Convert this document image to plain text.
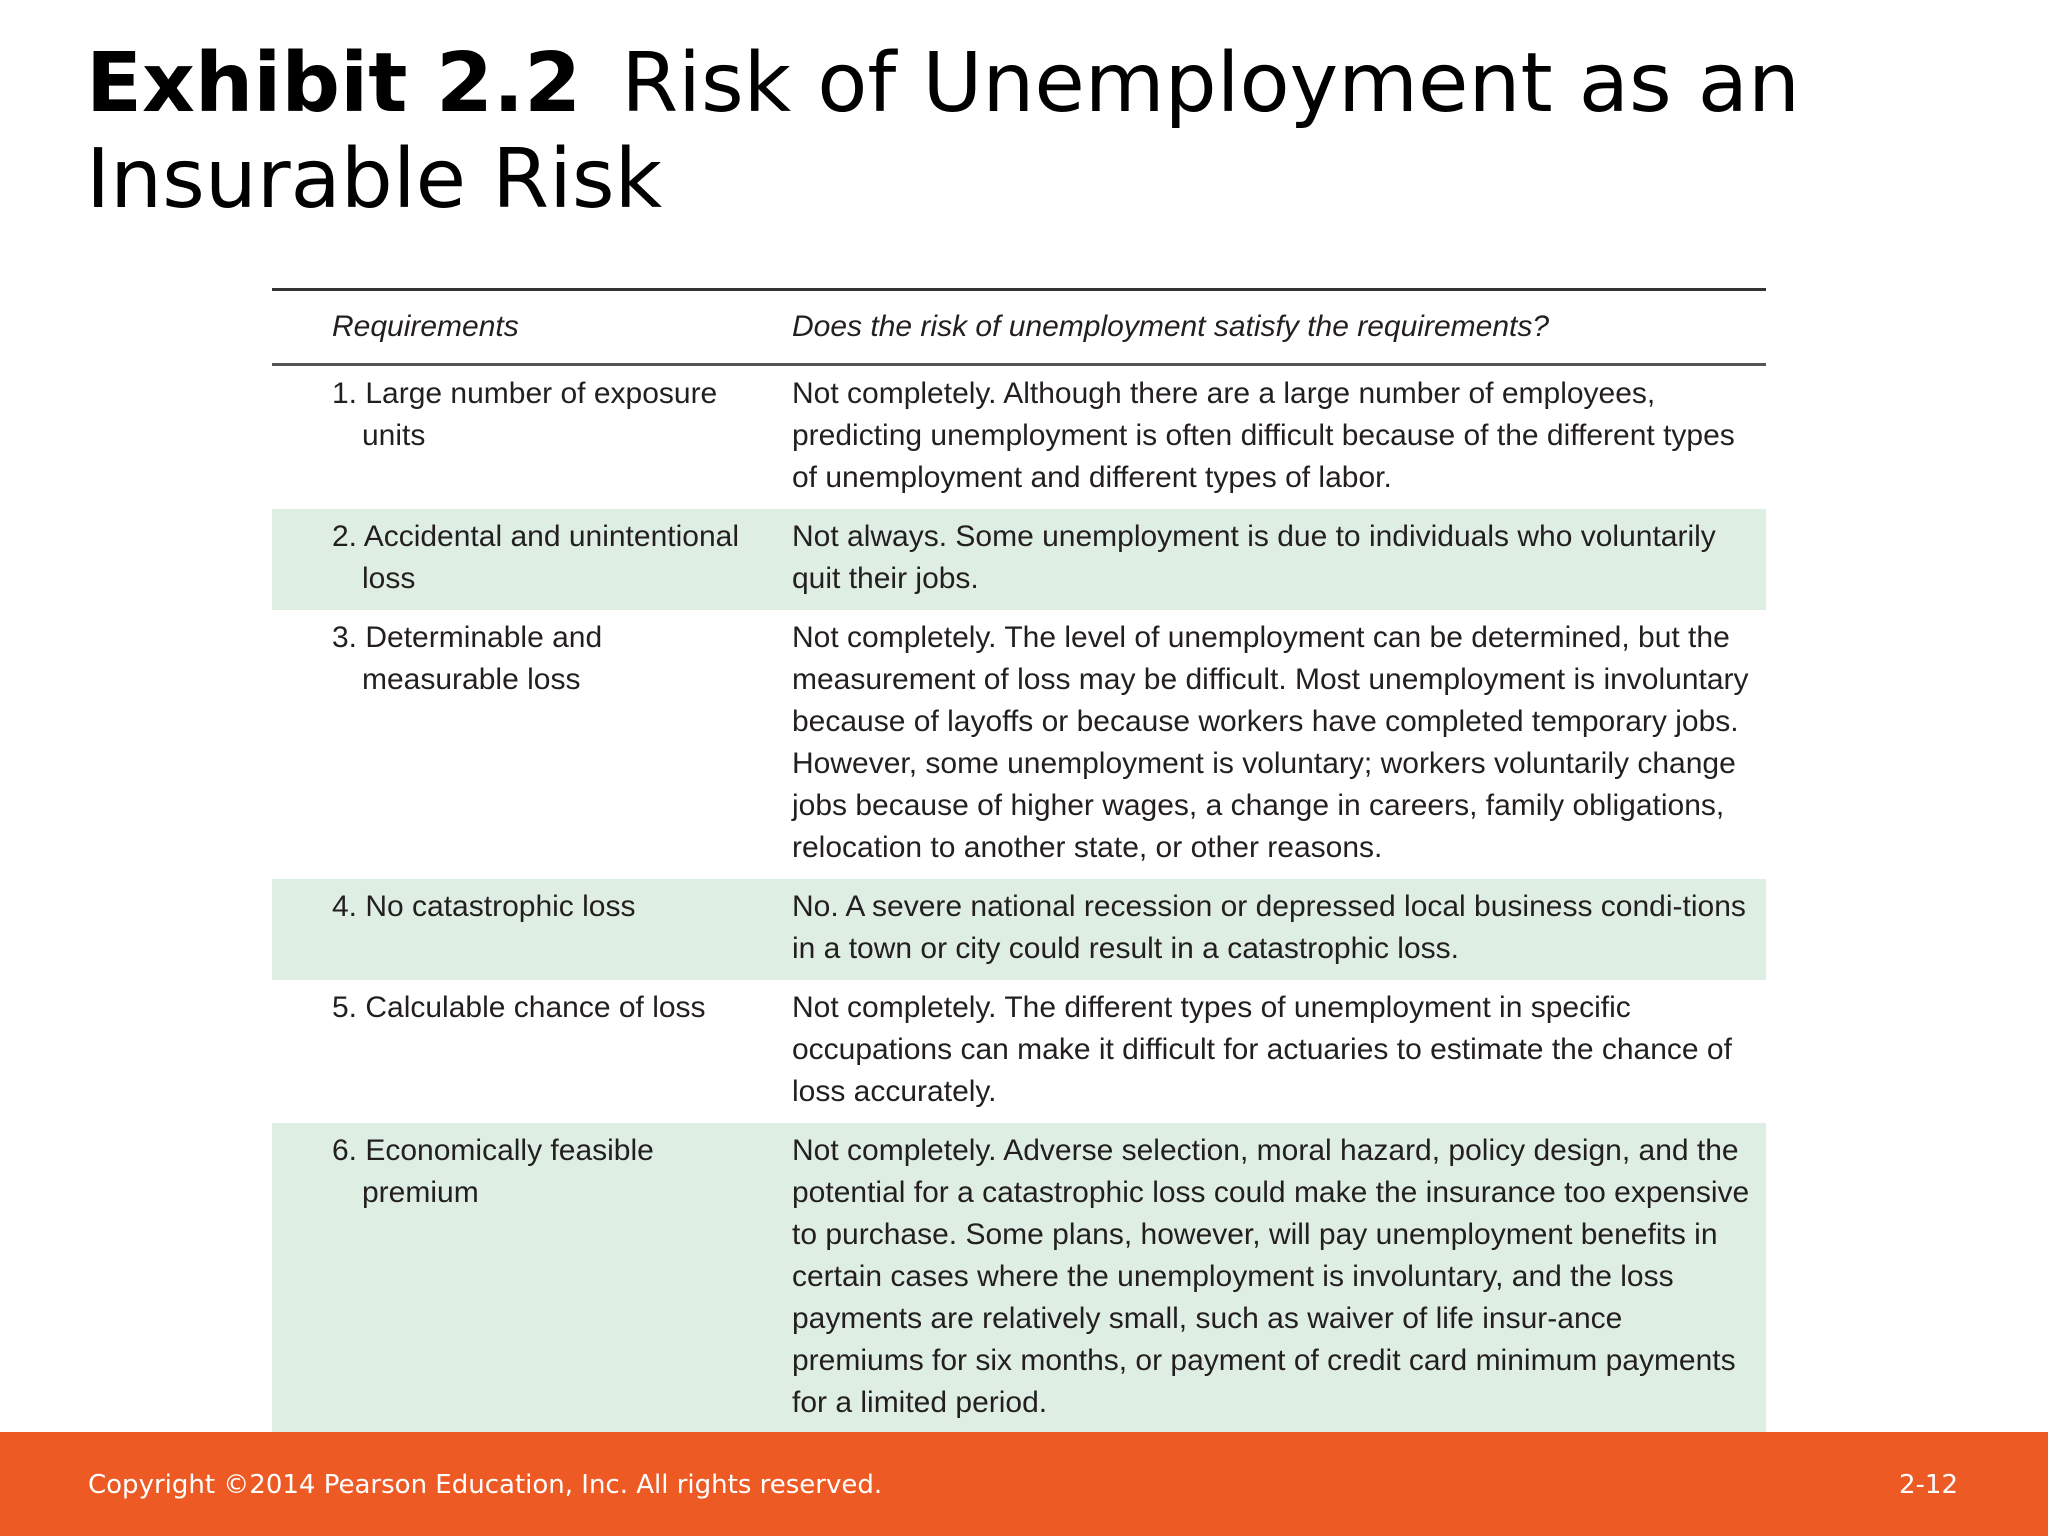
Exhibit 2.2 Risk of Unemployment as an Insurable Risk
Requirements	Does the risk of unemployment satisfy the requirements?

1. Large number of exposure units	Not completely. Although there are a large number of employees, predicting unemployment is often difficult because of the different types of unemployment and different types of labor.

2. Accidental and unintentional loss	Not always. Some unemployment is due to individuals who voluntarily quit their jobs.

3. Determinable and measurable loss	Not completely. The level of unemployment can be determined, but the measurement of loss may be difficult. Most unemployment is involuntary because of layoffs or because workers have completed temporary jobs. However, some unemployment is voluntary; workers voluntarily change jobs because of higher wages, a change in careers, family obligations, relocation to another state, or other reasons.

4. No catastrophic loss	No. A severe national recession or depressed local business condi-tions in a town or city could result in a catastrophic loss.

5. Calculable chance of loss	Not completely. The different types of unemployment in specific occupations can make it difficult for actuaries to estimate the chance of loss accurately.

6. Economically feasible premium	Not completely. Adverse selection, moral hazard, policy design, and the potential for a catastrophic loss could make the insurance too expensive to purchase. Some plans, however, will pay unemployment benefits in certain cases where the unemployment is involuntary, and the loss payments are relatively small, such as waiver of life insur-ance premiums for six months, or payment of credit card minimum payments for a limited period.
Copyright ©2014 Pearson Education, Inc. All rights reserved.	2-12
